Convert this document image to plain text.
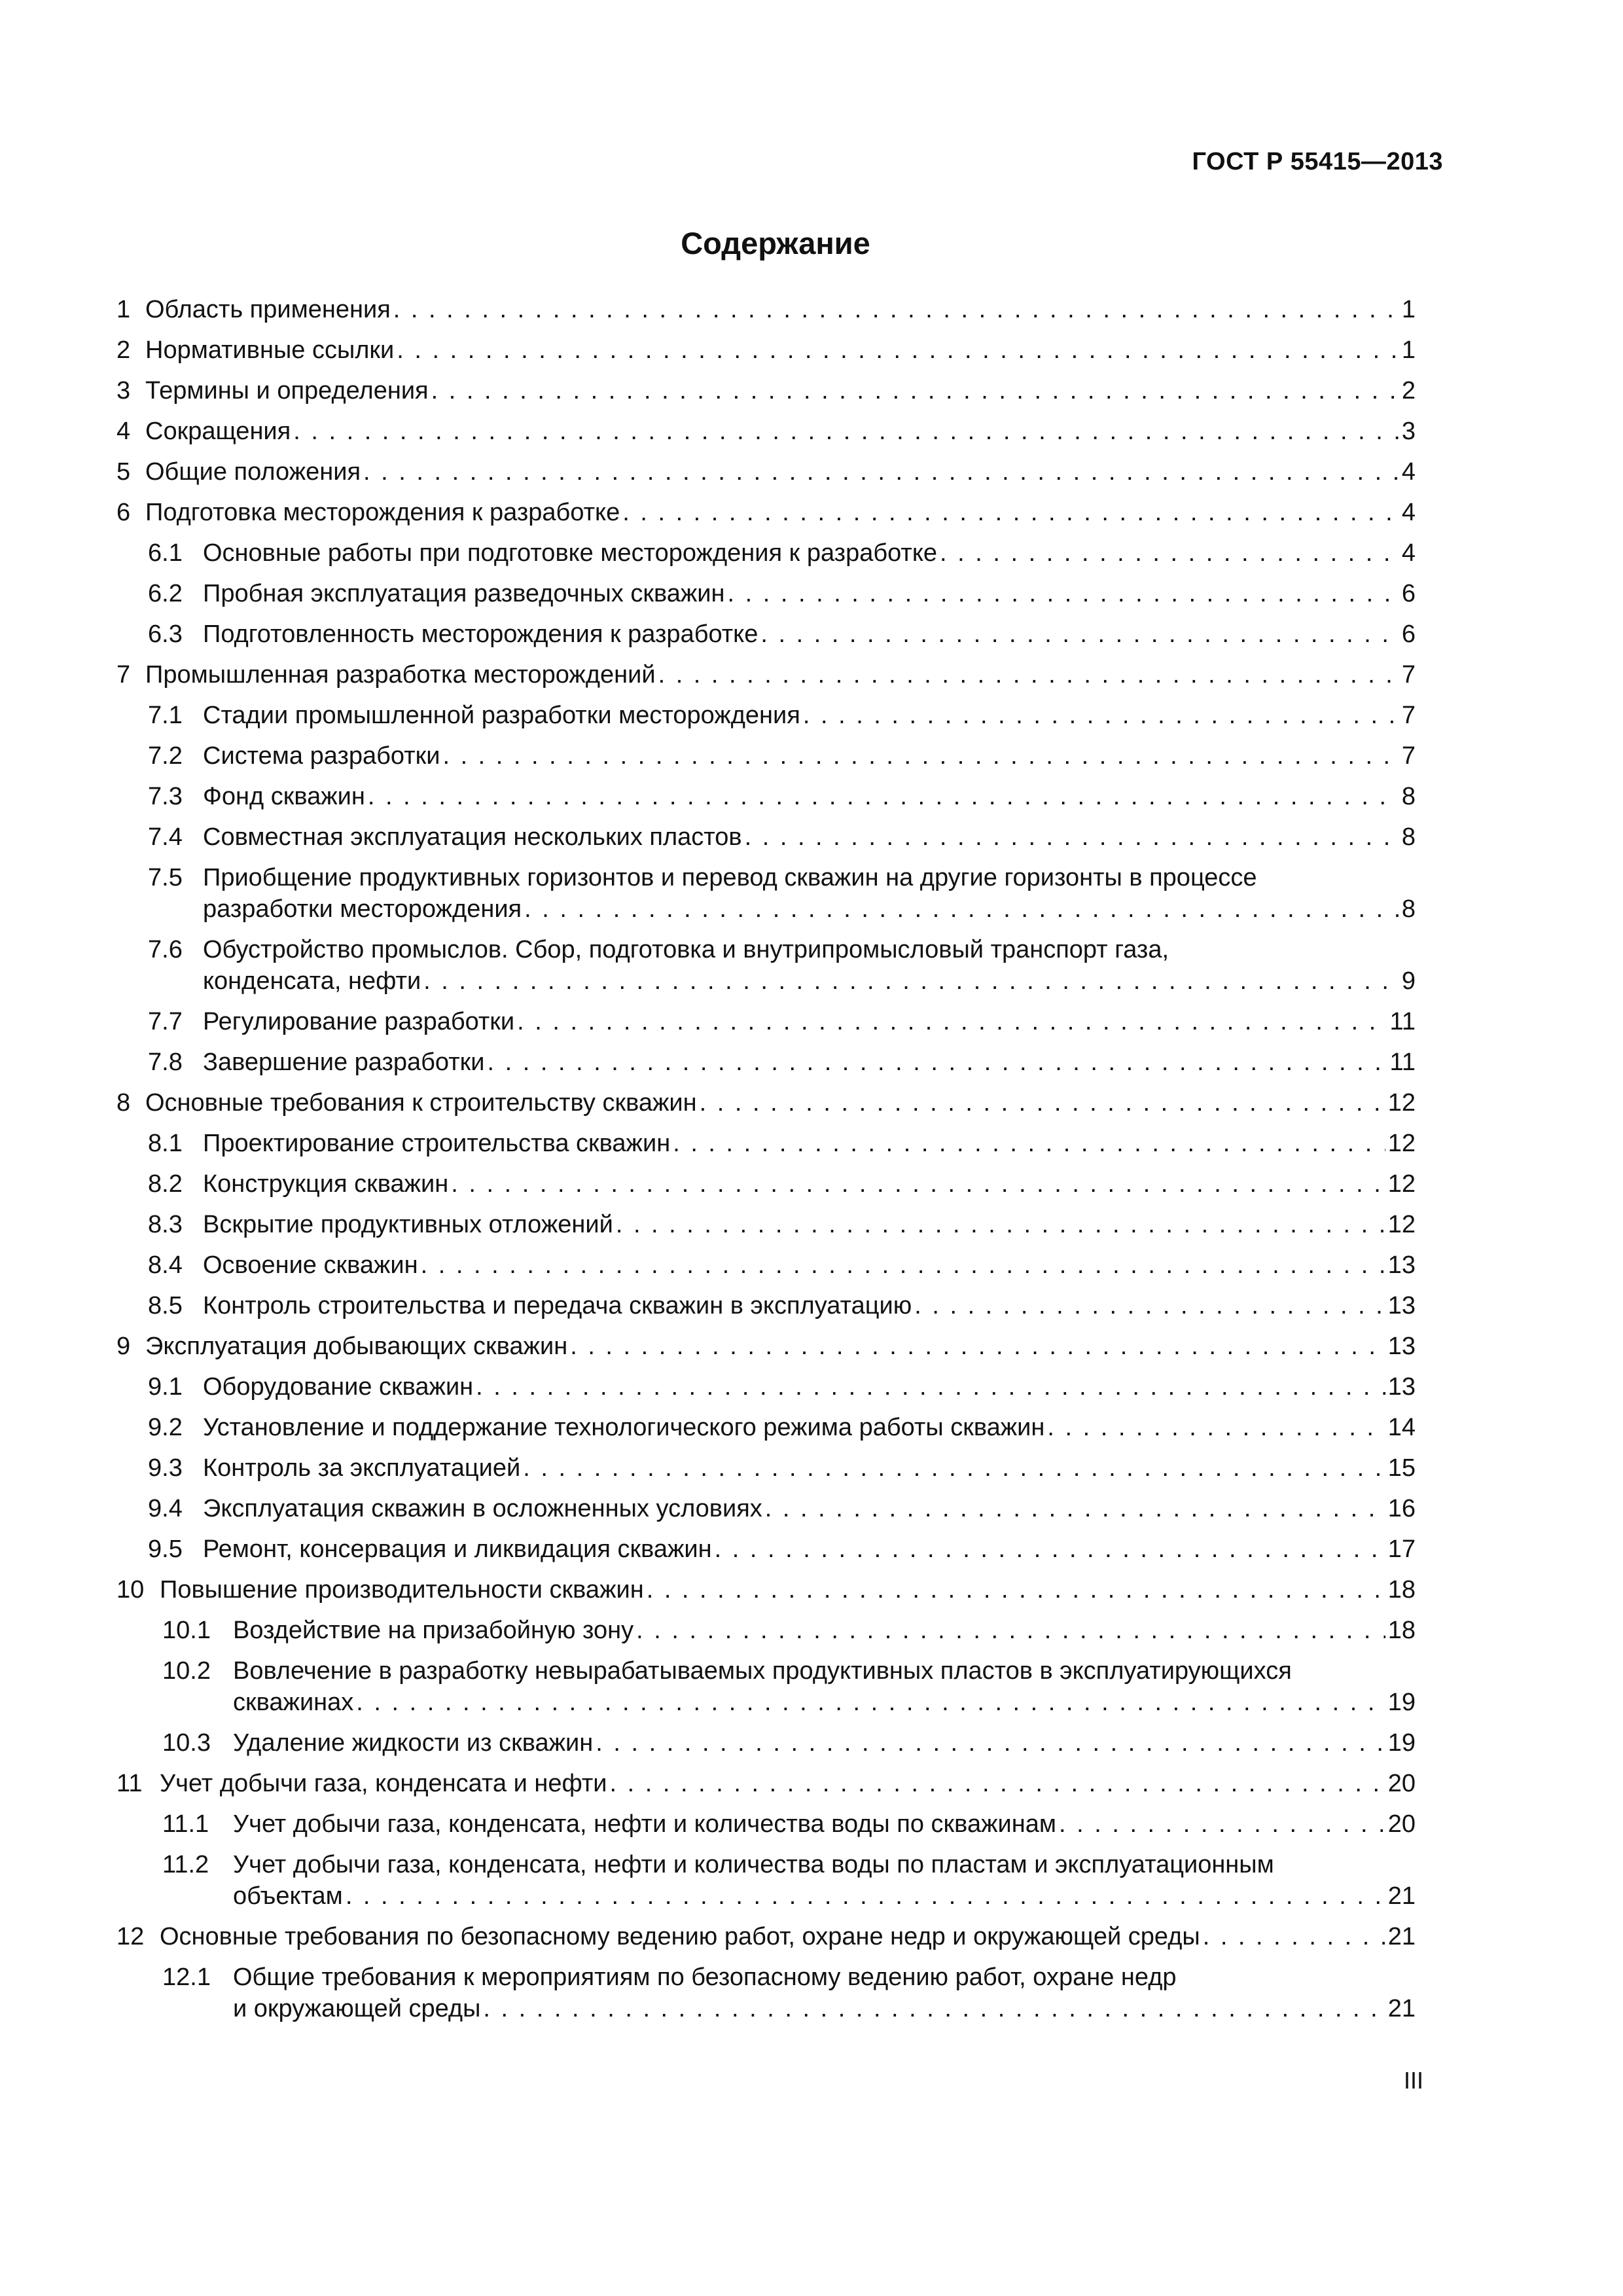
ГОСТ Р 55415—2013
Содержание
1 Область применения . . .	1
2 Нормативные ссылки . . .	1
3 Термины и определения . . .	2
4 Сокращения . . .	3
5 Общие положения . . .	4
6 Подготовка месторождения к разработке . . .	4
6.1 Основные работы при подготовке месторождения к разработке . . .	4
6.2 Пробная эксплуатация разведочных скважин . . .	6
6.3 Подготовленность месторождения к разработке . . .	6
7 Промышленная разработка месторождений . . .	7
7.1 Стадии промышленной разработки месторождения . . .	7
7.2 Система разработки . . .	7
7.3 Фонд скважин . . .	8
7.4 Совместная эксплуатация нескольких пластов . . .	8
7.5 Приобщение продуктивных горизонтов и перевод скважин на другие горизонты в процессе
разработки месторождения . . .	8
7.6 Обустройство промыслов. Сбор, подготовка и внутрипромысловый транспорт газа,
конденсата, нефти . . .	9
7.7 Регулирование разработки . . .	11
7.8 Завершение разработки . . .	11
8 Основные требования к строительству скважин . . .	12
8.1 Проектирование строительства скважин . . .	12
8.2 Конструкция скважин . . .	12
8.3 Вскрытие продуктивных отложений . . .	12
8.4 Освоение скважин . . .	13
8.5 Контроль строительства и передача скважин в эксплуатацию . . .	13
9 Эксплуатация добывающих скважин . . .	13
9.1 Оборудование скважин . . .	13
9.2 Установление и поддержание технологического режима работы скважин . . .	14
9.3 Контроль за эксплуатацией . . .	15
9.4 Эксплуатация скважин в осложненных условиях . . .	16
9.5 Ремонт, консервация и ликвидация скважин . . .	17
10 Повышение производительности скважин . . .	18
10.1 Воздействие на призабойную зону . . .	18
10.2 Вовлечение в разработку невырабатываемых продуктивных пластов в эксплуатирующихся
скважинах . . .	19
10.3 Удаление жидкости из скважин . . .	19
11 Учет добычи газа, конденсата и нефти . . .	20
11.1 Учет добычи газа, конденсата, нефти и количества воды по скважинам . . .	20
11.2 Учет добычи газа, конденсата, нефти и количества воды по пластам и эксплуатационным
объектам . . .	21
12 Основные требования по безопасному ведению работ, охране недр и окружающей среды . . .	21
12.1 Общие требования к мероприятиям по безопасному ведению работ, охране недр
и окружающей среды . . .	21
III
